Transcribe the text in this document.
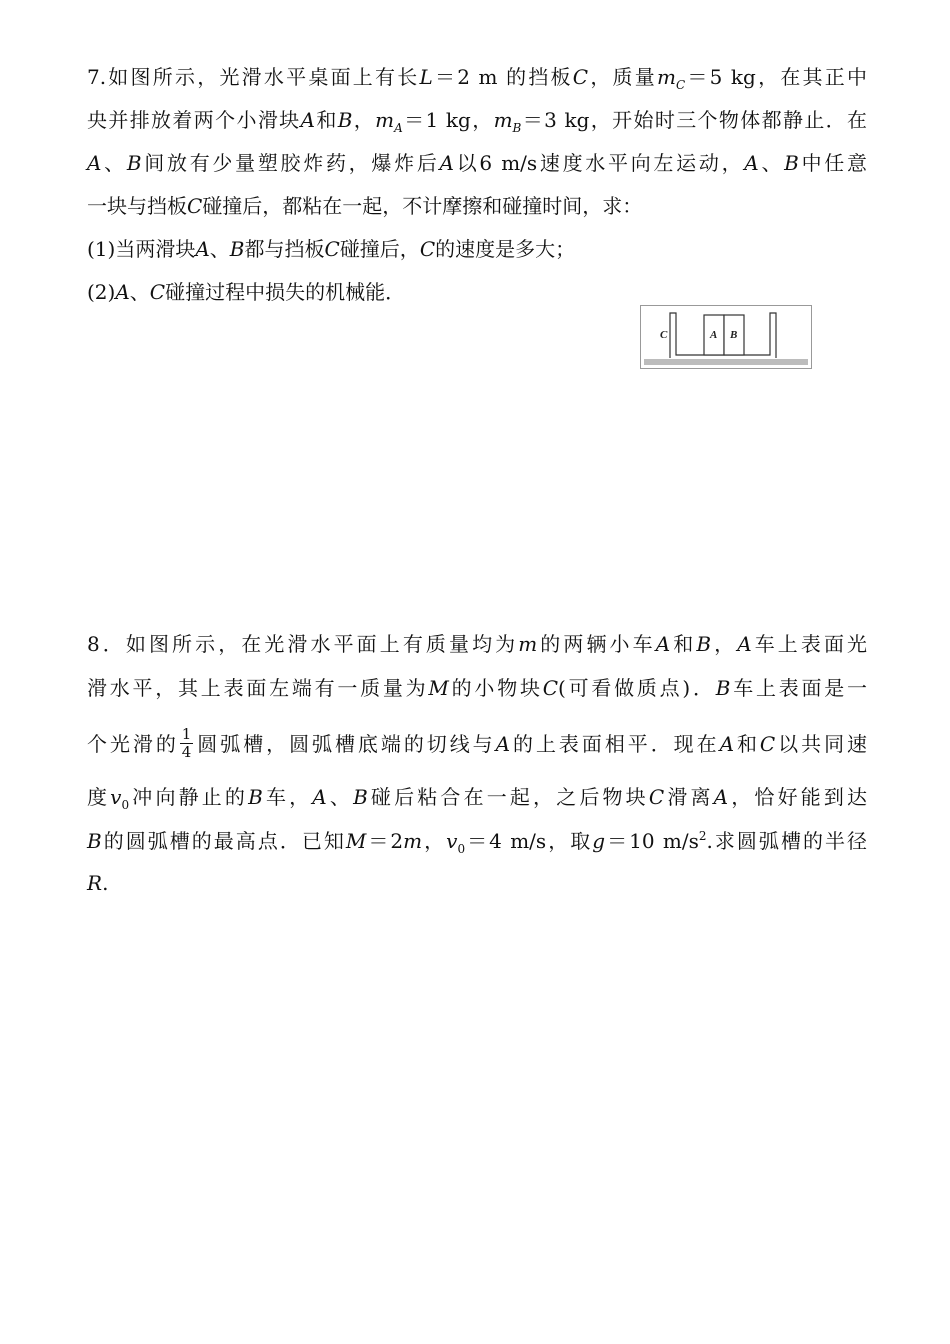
7.如图所示，光滑水平桌面上有长L＝2 m 的挡板C，质量$m_C=5$ kg，在其正中
央并排放着两个小滑块A和B，$m_A=1$ kg，$m_B=3$ kg，开始时三个物体都静止．在
A、B间放有少量塑胶炸药，爆炸后A以6 m/s速度水平向左运动，A、B中任意
一块与挡板C碰撞后，都粘在一起，不计摩擦和碰撞时间，求：
(1)当两滑块A、B都与挡板C碰撞后，C的速度是多大；
(2)A、C碰撞过程中损失的机械能．
C	A B
8．如图所示，在光滑水平面上有质量均为m的两辆小车A和B，A车上表面光
滑水平，其上表面左端有一质量为M的小物块C(可看做质点)．B车上表面是一
个光滑的 $\frac{1}{4}$ 圆弧槽，圆弧槽底端的切线与A的上表面相平．现在A和C以共同速
度$v_0$冲向静止的B车，A、B碰后粘合在一起，之后物块C滑离A，恰好能到达
B的圆弧槽的最高点．已知M＝2m，$v_0=4$ m/s，取g＝10 $m/s^2$.求圆弧槽的半径
R.
